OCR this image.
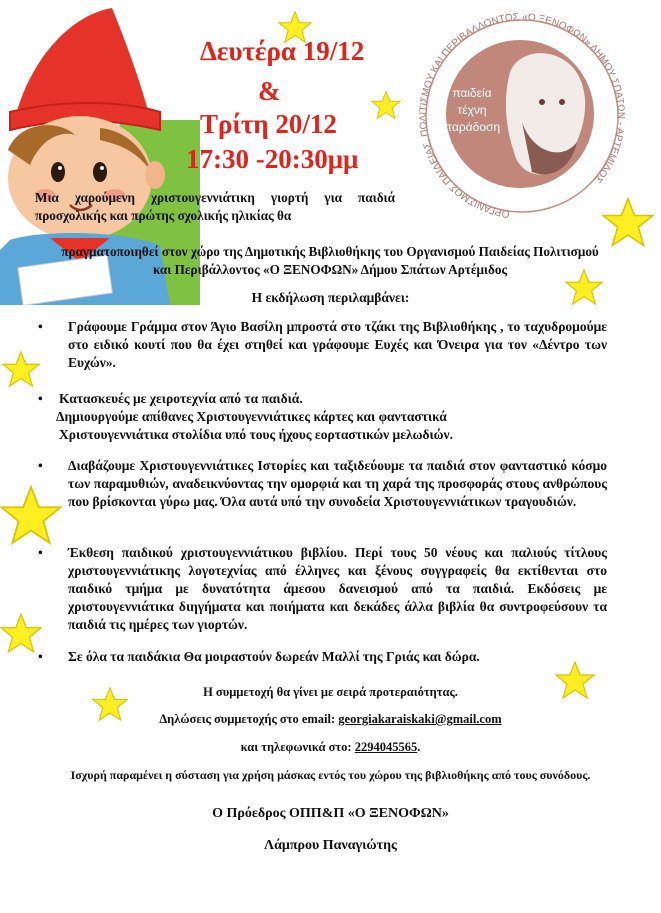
ΟΡΓΑΝΙΣΜΟΣ ΠΑΙΔΕΙΑΣ, ΠΟΛΙΤΙΣΜΟΥ ΚΑΙ ΠΕΡΙΒΑΛΛΟΝΤΟΣ «Ο ΞΕΝΟΦΩΝ» ΔΗΜΟΥ ΣΠΑΤΩΝ - ΑΡΤΕΜΙΔΟΣ
παιδεία
τέχνη
παράδοση
Δευτέρα 19/12
&
Τρίτη 20/12
17:30 -20:30μμ
Μια χαρούμενη χριστουγεννιάτικη γιορτή για παιδιά προσχολικής και πρώτης σχολικής ηλικίας θα
πραγματοποιηθεί στον χώρο της Δημοτικής Βιβλιοθήκης του Οργανισμού Παιδείας Πολιτισμού και Περιβάλλοντος «Ο ΞΕΝΟΦΩΝ» Δήμου Σπάτων Αρτέμιδος
Η εκδήλωση περιλαμβάνει:
•	Γράφουμε Γράμμα στον Άγιο Βασίλη μπροστά στο τζάκι της Βιβλιοθήκης , το ταχυδρομούμε στο ειδικό κουτί που θα έχει στηθεί και γράφουμε Ευχές και Όνειρα για τον «Δέντρο των Ευχών».
• Κατασκευές με χειροτεχνία από τα παιδιά.
Δημιουργούμε απίθανες Χριστουγεννιάτικες κάρτες και φανταστικά
Χριστουγεννιάτικα στολίδια υπό τους ήχους εορταστικών μελωδιών.
•	Διαβάζουμε Χριστουγεννιάτικες Ιστορίες και ταξιδεύουμε τα παιδιά στον φανταστικό κόσμο των παραμυθιών, αναδεικνύοντας την ομορφιά και τη χαρά της προσφοράς στους ανθρώπους που βρίσκονται γύρω μας. Όλα αυτά υπό την συνοδεία Χριστουγεννιάτικων τραγουδιών.
•	Έκθεση παιδικού χριστουγεννιάτικου βιβλίου. Περί τους 50 νέους και παλιούς τίτλους χριστουγεννιάτικης λογοτεχνίας από έλληνες και ξένους συγγραφείς θα εκτίθενται στο παιδικό τμήμα με δυνατότητα άμεσου δανεισμού από τα παιδιά. Εκδόσεις με χριστουγεννιάτικα διηγήματα και ποιήματα και δεκάδες άλλα βιβλία θα συντροφεύσουν τα παιδιά τις ημέρες των γιορτών.
•	Σε όλα τα παιδάκια Θα μοιραστούν δωρεάν Μαλλί της Γριάς και δώρα.
Η συμμετοχή θα γίνει με σειρά προτεραιότητας.
Δηλώσεις συμμετοχής στο email: georgiakaraiskaki@gmail.com
και τηλεφωνικά στο: 2294045565.
Ισχυρή παραμένει η σύσταση για χρήση μάσκας εντός του χώρου της βιβλιοθήκης από τους συνόδους.
Ο Πρόεδρος ΟΠΠ&Π «Ο ΞΕΝΟΦΩΝ»
Λάμπρου Παναγιώτης
